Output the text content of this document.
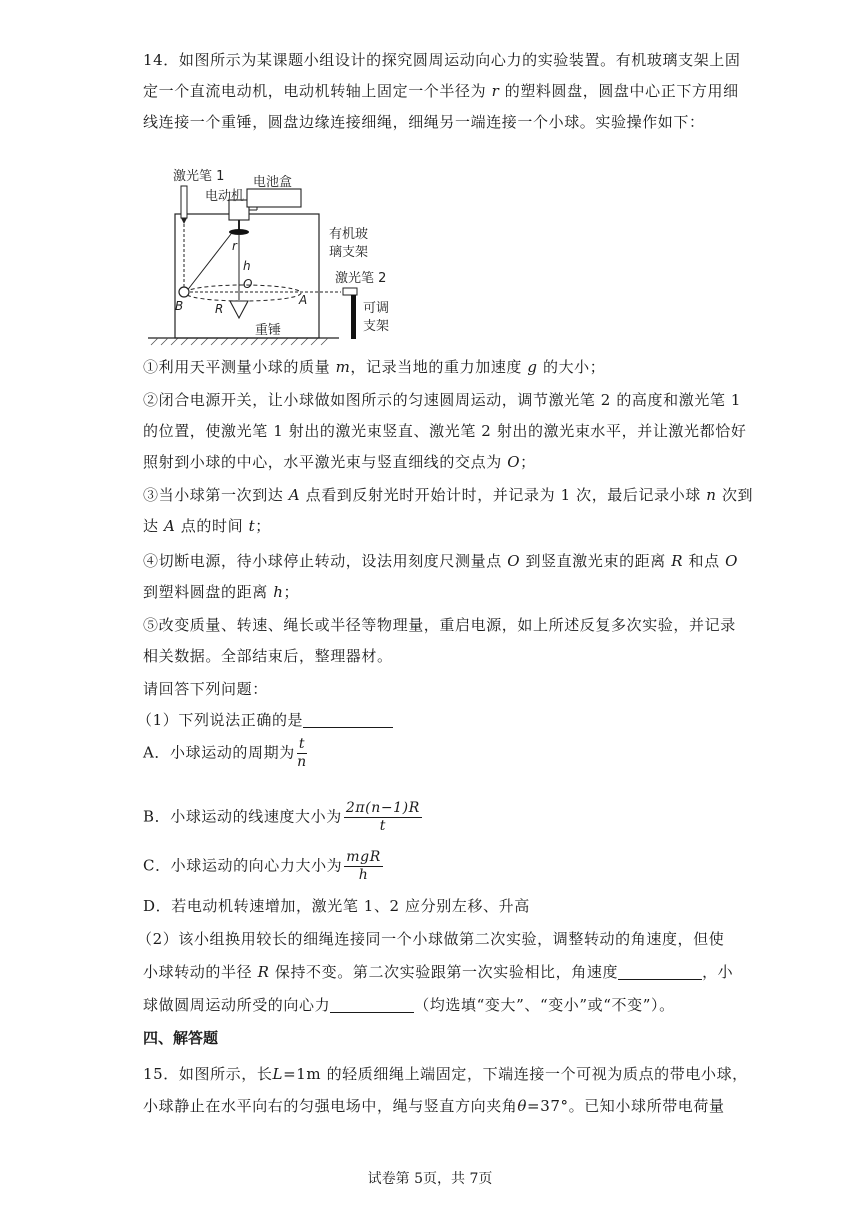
14．如图所示为某课题小组设计的探究圆周运动向心力的实验装置。有机玻璃支架上固
定一个直流电动机，电动机转轴上固定一个半径为 r 的塑料圆盘，圆盘中心正下方用细
线连接一个重锤，圆盘边缘连接细绳，细绳另一端连接一个小球。实验操作如下：
激光笔 1
电动机
电池盒
有机玻
璃支架
激光笔 2
可调
支架
重锤
r
h
O
A
B	R
①利用天平测量小球的质量 m，记录当地的重力加速度 g 的大小；
②闭合电源开关，让小球做如图所示的匀速圆周运动，调节激光笔 2 的高度和激光笔 1
的位置，使激光笔 1 射出的激光束竖直、激光笔 2 射出的激光束水平，并让激光都恰好
照射到小球的中心，水平激光束与竖直细线的交点为 O；
③当小球第一次到达 A 点看到反射光时开始计时，并记录为 1 次，最后记录小球 n 次到
达 A 点的时间 t；
④切断电源，待小球停止转动，设法用刻度尺测量点 O 到竖直激光束的距离 R 和点 O
到塑料圆盘的距离 h；
⑤改变质量、转速、绳长或半径等物理量，重启电源，如上所述反复多次实验，并记录
相关数据。全部结束后，整理器材。
请回答下列问题：
（1）下列说法正确的是
A．小球运动的周期为 $\frac{t}{n}$
B．小球运动的线速度大小为 $\frac{2\pi(n-1)R}{t}$
C．小球运动的向心力大小为 $\frac{\text{mgR}}{h}$
D．若电动机转速增加，激光笔 1、2 应分别左移、升高
（2）该小组换用较长的细绳连接同一个小球做第二次实验，调整转动的角速度，但使
小球转动的半径 R 保持不变。第二次实验跟第一次实验相比，角速度	，小
球做圆周运动所受的向心力	（均选填“变大”、“变小”或“不变”）。
四、解答题
15．如图所示，长L=1m 的轻质细绳上端固定，下端连接一个可视为质点的带电小球，
小球静止在水平向右的匀强电场中，绳与竖直方向夹角θ=37°。已知小球所带电荷量
试卷第 5页，共 7页
